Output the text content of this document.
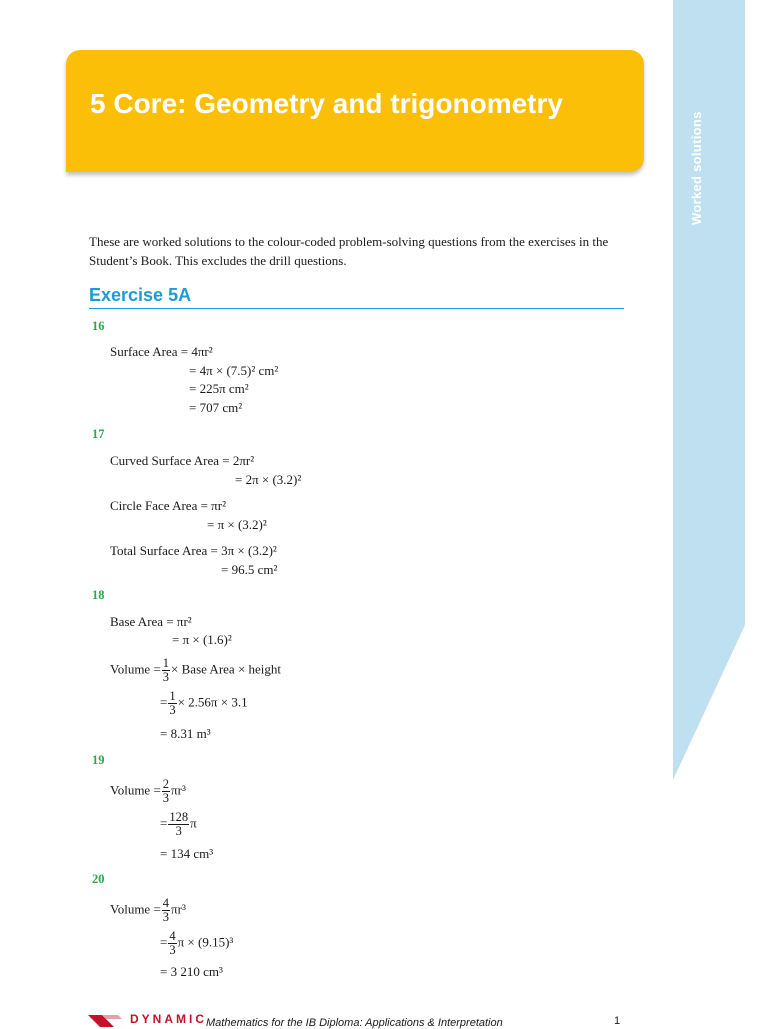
Worked solutions
5 Core: Geometry and trigonometry

These are worked solutions to the colour-coded problem-solving questions from the exercises in the Student’s Book. This excludes the drill questions.

Exercise 5A
16
Surface Area = 4πr²
= 4π × (7.5)² cm²
= 225π cm²
= 707 cm²
17
Curved Surface Area = 2πr²
= 2π × (3.2)²
Circle Face Area = πr²
= π × (3.2)²
Total Surface Area = 3π × (3.2)²
= 96.5 cm²
18
Base Area = πr²
= π × (1.6)²
Volume = $\frac{1}{3}$ × Base Area × height
= $\frac{1}{3} \times 2.56\pi \times 3.1$
= 8.31 m³
19
Volume = $\frac{2}{3} \pi r^3$
= $\frac{128}{3}$ π
= 134 cm³
20
Volume = $\frac{4}{3} \pi r^3$
= $\frac{4}{3}$ π × (9.15)³
= 3 210 cm³
DYNAMIC Mathematics for the IB Diploma: Applications & Interpretation	1
